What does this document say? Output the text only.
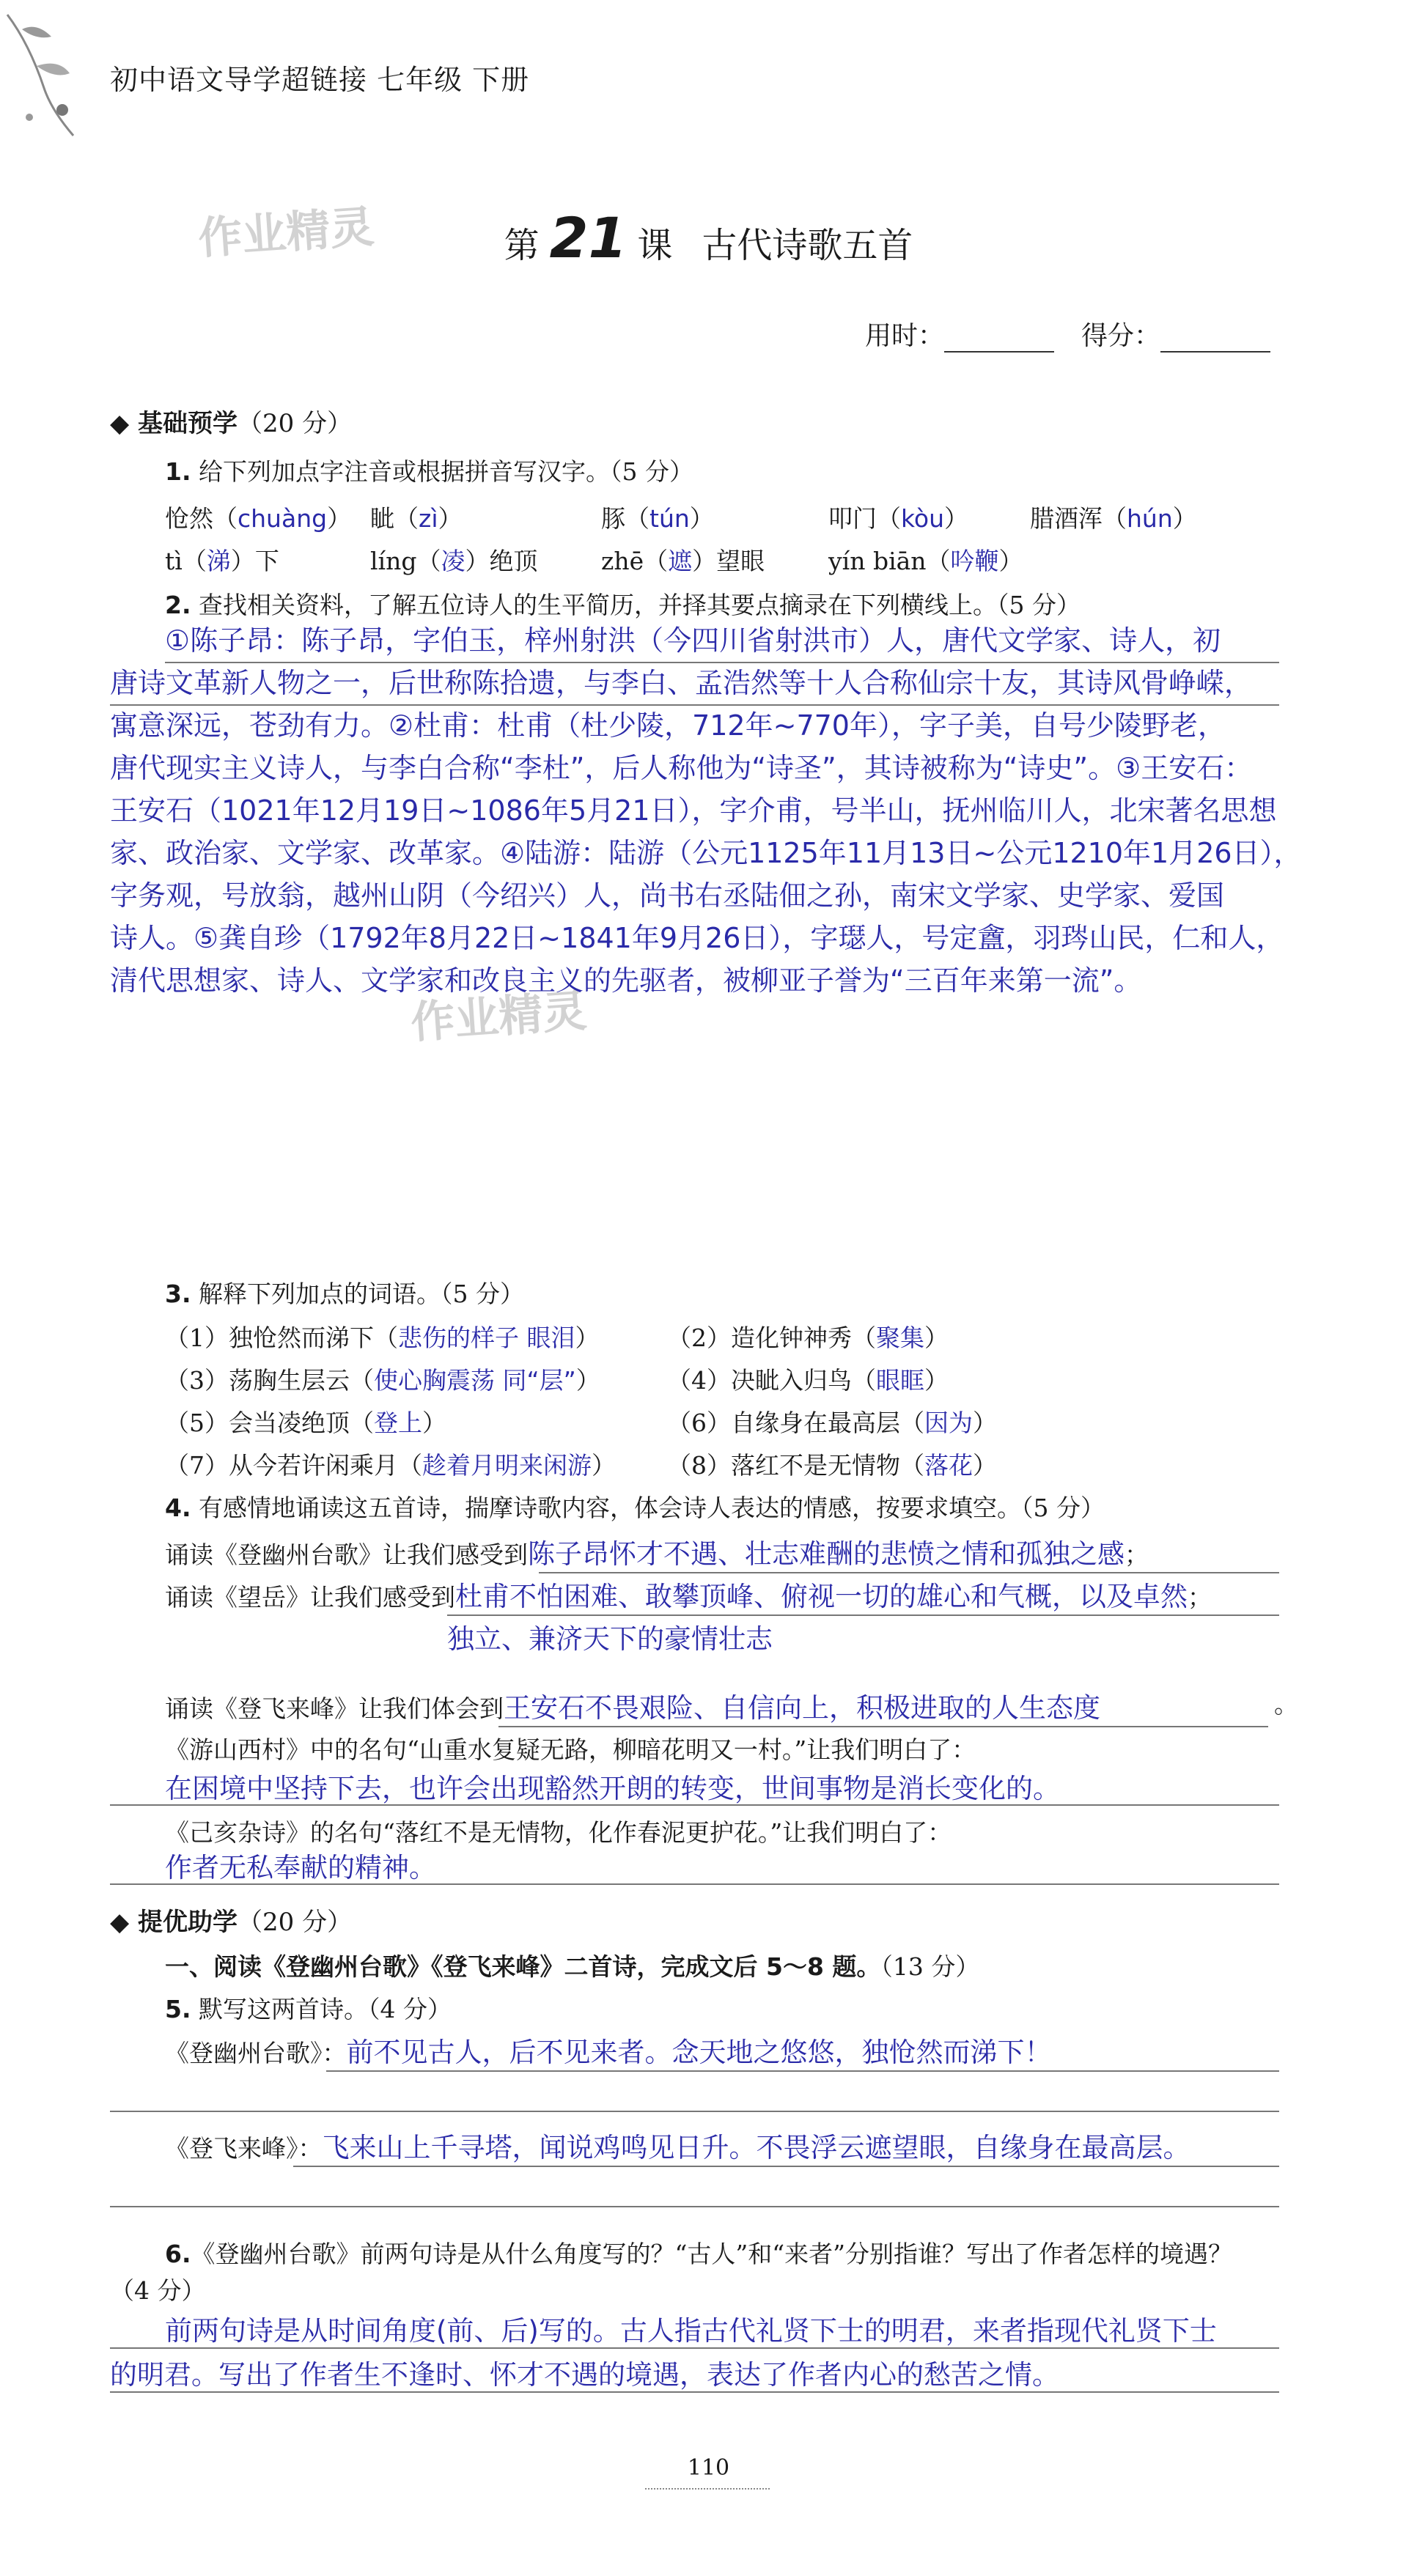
初中语文导学超链接 七年级 下册
作业精灵
作业精灵
第 21 课 古代诗歌五首
用时：	得分：
◆ 基础预学（20 分）
1. 给下列加点字注音或根据拼音写汉字。（5 分）
怆然（chuàng） 眦（zì）	豚（tún）	叩门（kòu）	腊酒浑（hún）
tì（涕）下	líng（凌）绝顶	zhē（遮）望眼	yín biān（吟鞭）
2. 查找相关资料，了解五位诗人的生平简历，并择其要点摘录在下列横线上。（5 分）
①陈子昂：陈子昂，字伯玉，梓州射洪（今四川省射洪市）人，唐代文学家、诗人，初
唐诗文革新人物之一，后世称陈拾遗，与李白、孟浩然等十人合称仙宗十友，其诗风骨峥嵘，
寓意深远，苍劲有力。②杜甫：杜甫（杜少陵，712年~770年），字子美，自号少陵野老，
唐代现实主义诗人，与李白合称“李杜”，后人称他为“诗圣”，其诗被称为“诗史”。③王安石：
王安石（1021年12月19日~1086年5月21日），字介甫，号半山，抚州临川人，北宋著名思想
家、政治家、文学家、改革家。④陆游：陆游（公元1125年11月13日~公元1210年1月26日），
字务观，号放翁，越州山阴（今绍兴）人，尚书右丞陆佃之孙，南宋文学家、史学家、爱国
诗人。⑤龚自珍（1792年8月22日~1841年9月26日），字璱人，号定盦，羽琌山民，仁和人，
清代思想家、诗人、文学家和改良主义的先驱者，被柳亚子誉为“三百年来第一流”。
3. 解释下列加点的词语。（5 分）
（1）独怆然而涕下（悲伤的样子 眼泪）	（2）造化钟神秀（聚集）
（3）荡胸生层云（使心胸震荡 同“层”）	（4）决眦入归鸟（眼眶）
（5）会当凌绝顶（登上）	（6）自缘身在最高层（因为）
（7）从今若许闲乘月（趁着月明来闲游） （8）落红不是无情物（落花）
4. 有感情地诵读这五首诗，揣摩诗歌内容，体会诗人表达的情感，按要求填空。（5 分）
诵读《登幽州台歌》让我们感受到陈子昂怀才不遇、壮志难酬的悲愤之情和孤独之感；
诵读《望岳》让我们感受到杜甫不怕困难、敢攀顶峰、俯视一切的雄心和气概，以及卓然；
独立、兼济天下的豪情壮志
诵读《登飞来峰》让我们体会到王安石不畏艰险、自信向上，积极进取的人生态度	。
《游山西村》中的名句“山重水复疑无路，柳暗花明又一村。”让我们明白了：
在困境中坚持下去，也许会出现豁然开朗的转变，世间事物是消长变化的。
《己亥杂诗》的名句“落红不是无情物，化作春泥更护花。”让我们明白了：
作者无私奉献的精神。
◆ 提优助学（20 分）
一、阅读《登幽州台歌》《登飞来峰》二首诗，完成文后 5～8 题。（13 分）
5. 默写这两首诗。（4 分）
《登幽州台歌》：前不见古人，后不见来者。念天地之悠悠，独怆然而涕下！
《登飞来峰》：飞来山上千寻塔，闻说鸡鸣见日升。不畏浮云遮望眼，自缘身在最高层。
6.《登幽州台歌》前两句诗是从什么角度写的？“古人”和“来者”分别指谁？写出了作者怎样的境遇？
（4 分）
前两句诗是从时间角度(前、后)写的。古人指古代礼贤下士的明君，来者指现代礼贤下士
的明君。写出了作者生不逢时、怀才不遇的境遇，表达了作者内心的愁苦之情。
110
